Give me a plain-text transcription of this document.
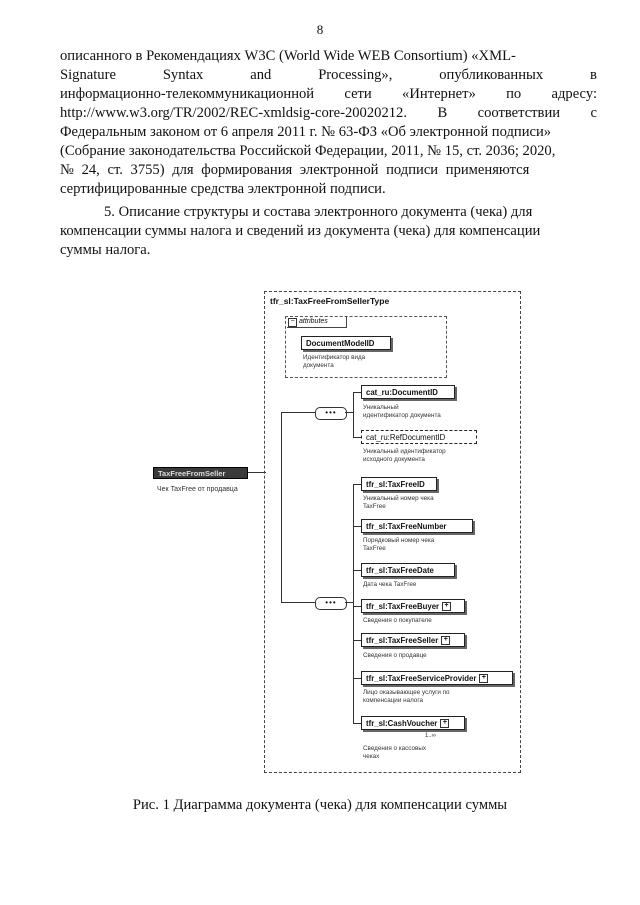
8
описанного в Рекомендациях W3C (World Wide WEB Consortium) «XML-
Signature	Syntax	and	Processing»,	опубликованных	в
информационно-телекоммуникационной сети «Интернет» по адресу:
http://www.w3.org/TR/2002/REC-xmldsig-core-20020212. В соответствии с
Федеральным законом от 6 апреля 2011 г. № 63-ФЗ «Об электронной подписи»
(Собрание законодательства Российской Федерации, 2011, № 15, ст. 2036; 2020,
№ 24, ст. 3755) для формирования электронной подписи применяются
сертифицированные средства электронной подписи.
5. Описание структуры и состава электронного документа (чека) для
компенсации суммы налога и сведений из документа (чека) для компенсации
суммы налога.
TaxFreeFromSeller
Чек TaxFree от продавца
tfr_sl:TaxFreeFromSellerType
− attributes
DocumentModelID
Идентификатор вида
документа
•••
cat_ru:DocumentID
Уникальный
идентификатор документа
cat_ru:RefDocumentID
Уникальный идентификатор
исходного документа
•••
tfr_sl:TaxFreeID
Уникальный номер чека
TaxFree
tfr_sl:TaxFreeNumber
Порядковый номер чека
TaxFree
tfr_sl:TaxFreeDate
Дата чека TaxFree
tfr_sl:TaxFreeBuyer +
Сведения о покупателе
tfr_sl:TaxFreeSeller +
Сведения о продавце
tfr_sl:TaxFreeServiceProvider +
Лицо оказывающее услуги по
компенсации налога
tfr_sl:CashVoucher +
1..∞
Сведения о кассовых
чеках
Рис. 1 Диаграмма документа (чека) для компенсации суммы
